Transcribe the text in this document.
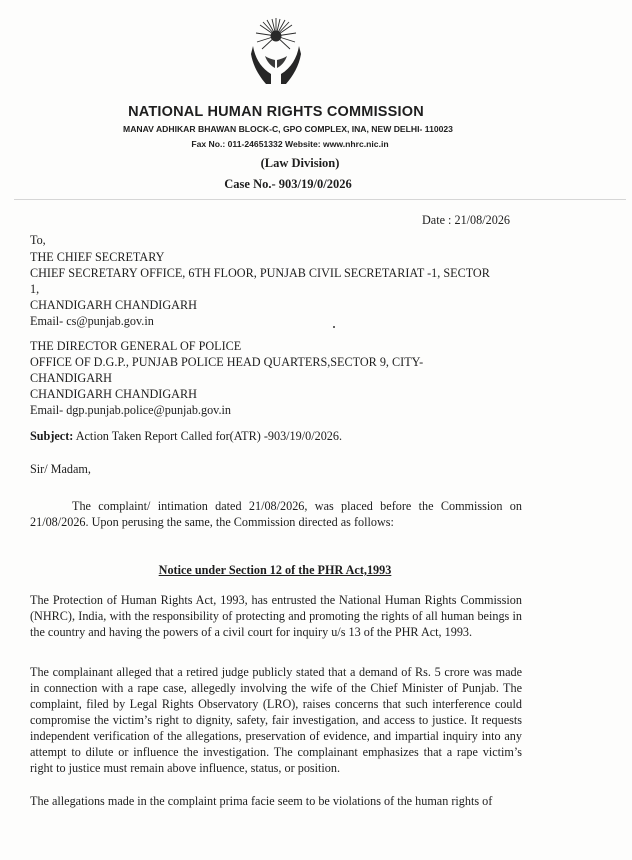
NATIONAL HUMAN RIGHTS COMMISSION
MANAV ADHIKAR BHAWAN BLOCK-C, GPO COMPLEX, INA, NEW DELHI- 110023
Fax No.: 011-24651332 Website: www.nhrc.nic.in
(Law Division)
Case No.- 903/19/0/2026
Date : 21/08/2026
To,
THE CHIEF SECRETARY
CHIEF SECRETARY OFFICE, 6TH FLOOR, PUNJAB CIVIL SECRETARIAT -1, SECTOR
1,
CHANDIGARH CHANDIGARH
Email- cs@punjab.gov.in
THE DIRECTOR GENERAL OF POLICE
OFFICE OF D.G.P., PUNJAB POLICE HEAD QUARTERS,SECTOR 9, CITY-
CHANDIGARH
CHANDIGARH CHANDIGARH
Email- dgp.punjab.police@punjab.gov.in
Subject: Action Taken Report Called for(ATR) -903/19/0/2026.
Sir/ Madam,
The complaint/ intimation dated 21/08/2026, was placed before the Commission on 21/08/2026. Upon perusing the same, the Commission directed as follows:
Notice under Section 12 of the PHR Act,1993
The Protection of Human Rights Act, 1993, has entrusted the National Human Rights Commission (NHRC), India, with the responsibility of protecting and promoting the rights of all human beings in the country and having the powers of a civil court for inquiry u/s 13 of the PHR Act, 1993.
The complainant alleged that a retired judge publicly stated that a demand of Rs. 5 crore was made in connection with a rape case, allegedly involving the wife of the Chief Minister of Punjab. The complaint, filed by Legal Rights Observatory (LRO), raises concerns that such interference could compromise the victim’s right to dignity, safety, fair investigation, and access to justice. It requests independent verification of the allegations, preservation of evidence, and impartial inquiry into any attempt to dilute or influence the investigation. The complainant emphasizes that a rape victim’s right to justice must remain above influence, status, or position.
The allegations made in the complaint prima facie seem to be violations of the human rights of
